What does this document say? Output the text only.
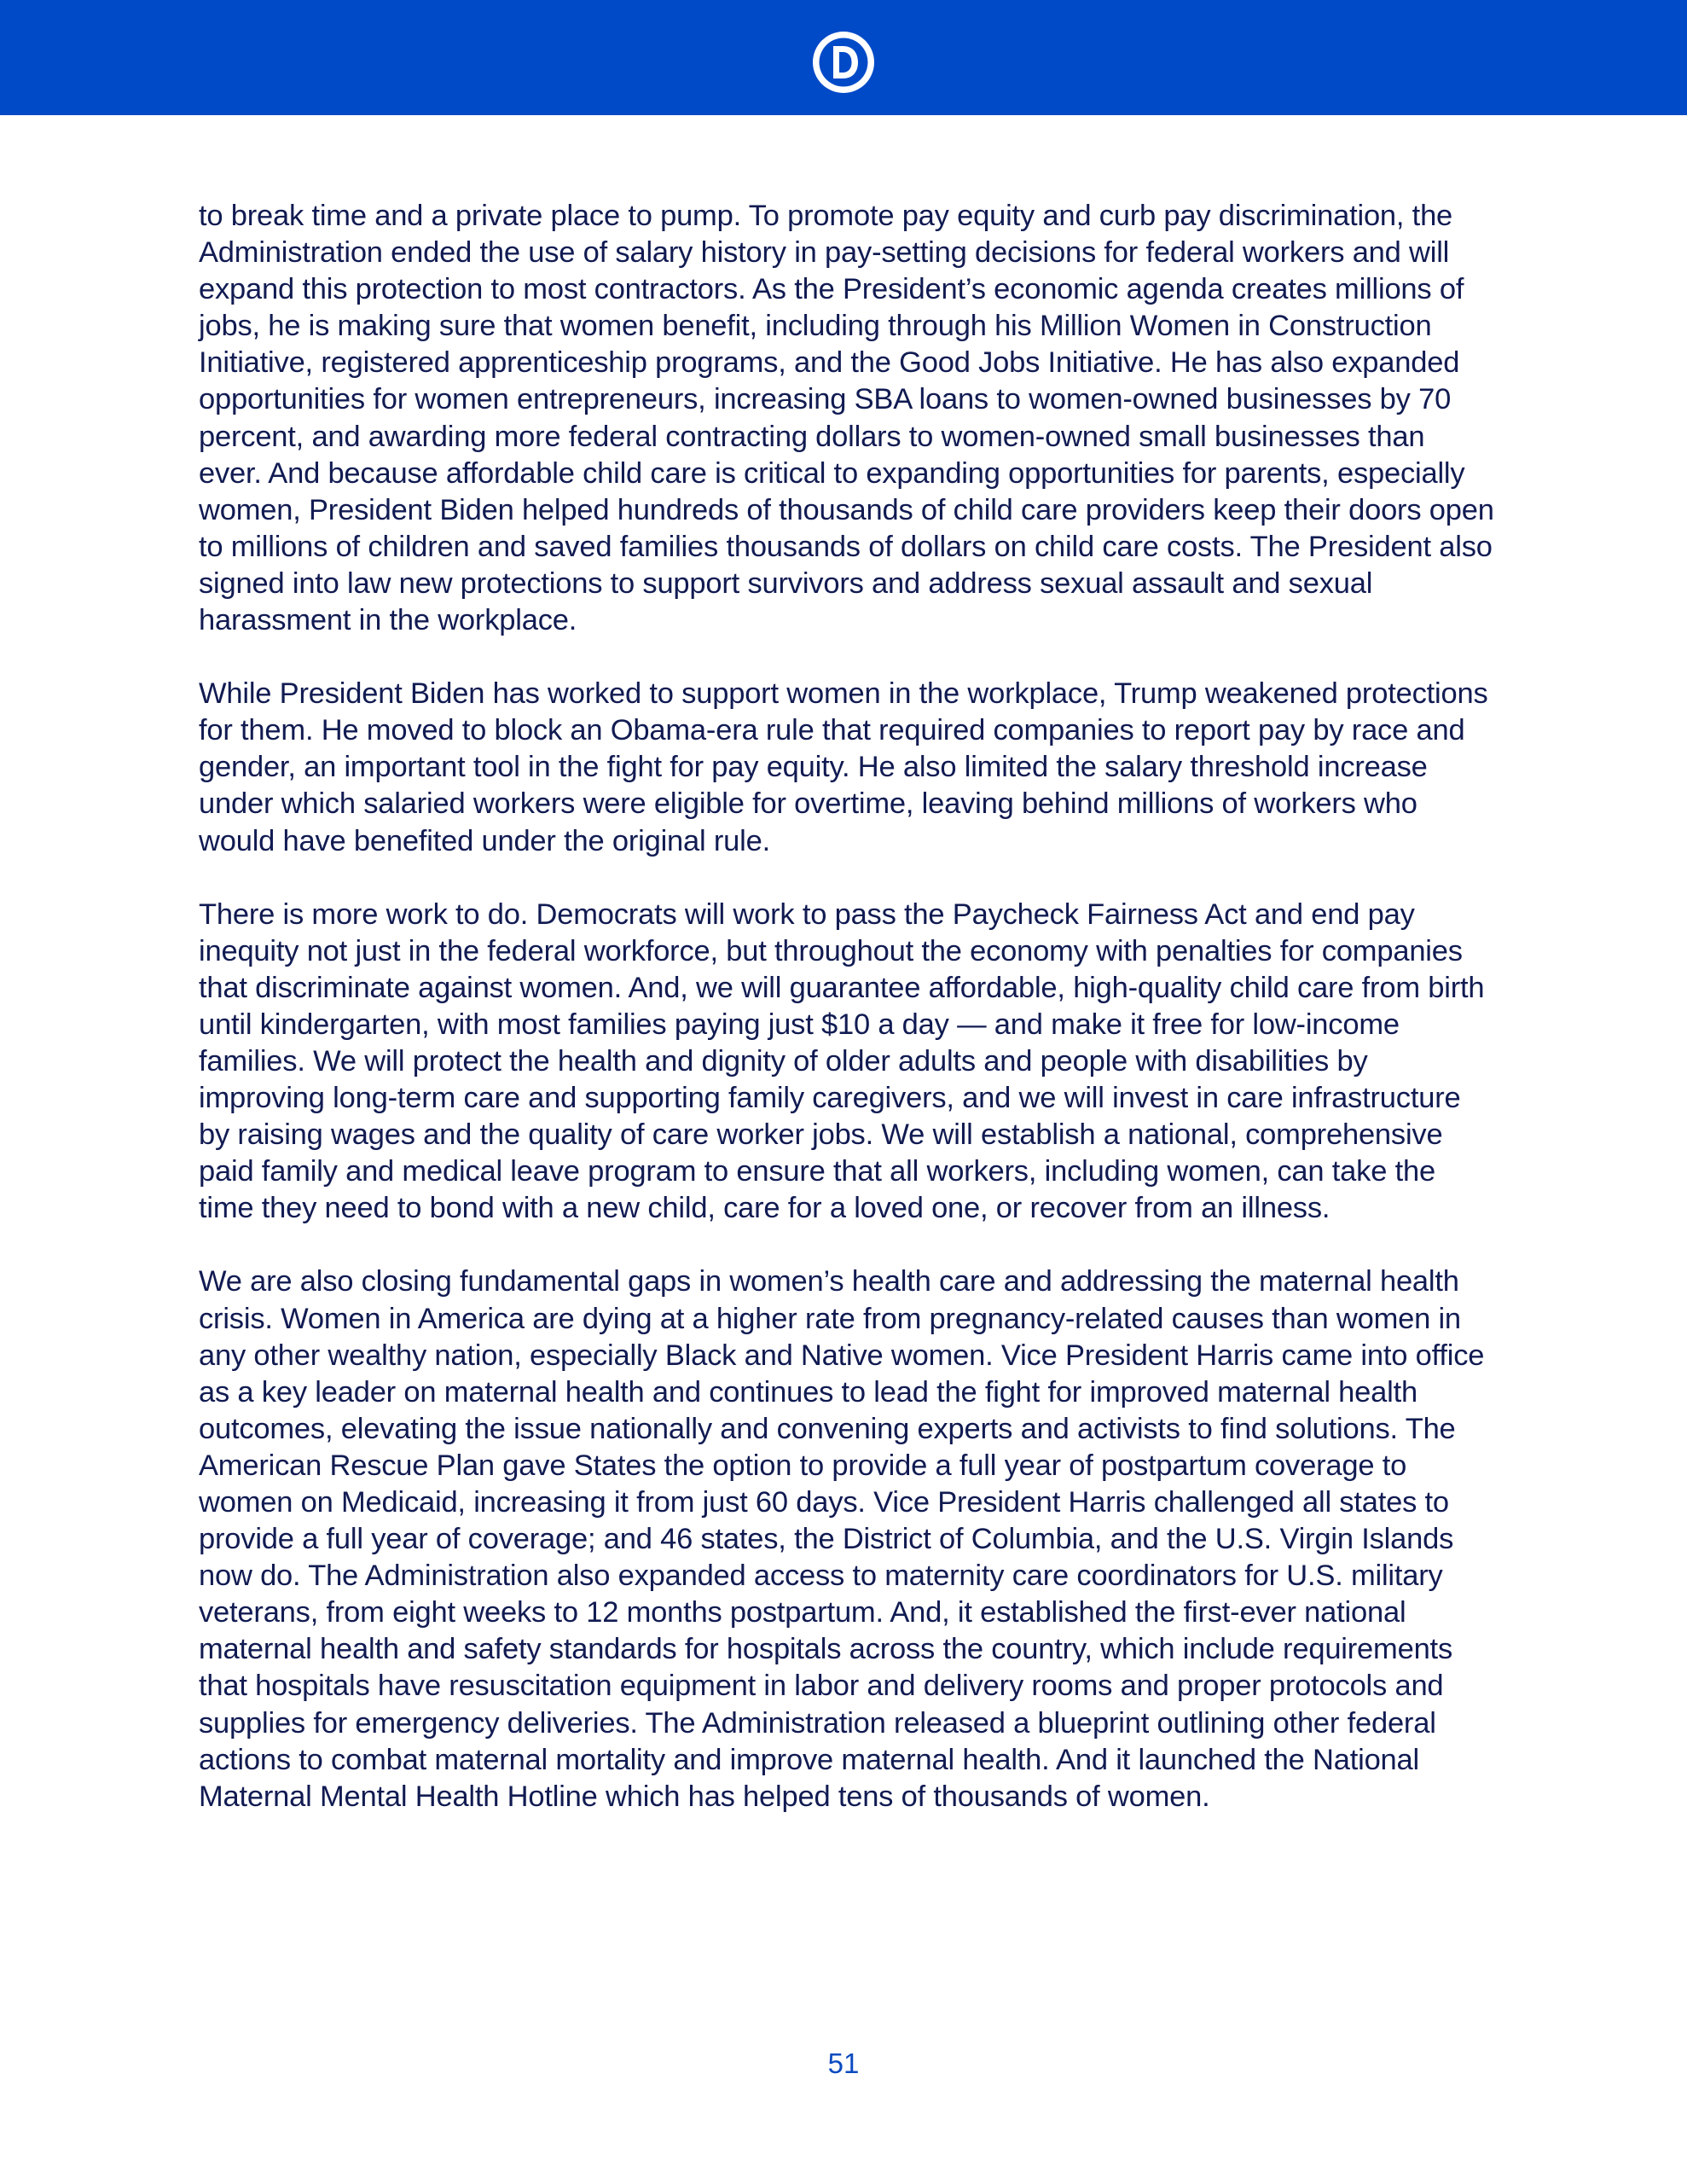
to break time and a private place to pump. To promote pay equity and curb pay discrimination, the Administration ended the use of salary history in pay-setting decisions for federal workers and will expand this protection to most contractors. As the President’s economic agenda creates millions of jobs, he is making sure that women benefit, including through his Million Women in Construction Initiative, registered apprenticeship programs, and the Good Jobs Initiative. He has also expanded opportunities for women entrepreneurs, increasing SBA loans to women-owned businesses by 70 percent, and awarding more federal contracting dollars to women-owned small businesses than ever. And because affordable child care is critical to expanding opportunities for parents, especially women, President Biden helped hundreds of thousands of child care providers keep their doors open to millions of children and saved families thousands of dollars on child care costs. The President also signed into law new protections to support survivors and address sexual assault and sexual harassment in the workplace.

While President Biden has worked to support women in the workplace, Trump weakened protections for them. He moved to block an Obama-era rule that required companies to report pay by race and gender, an important tool in the fight for pay equity. He also limited the salary threshold increase under which salaried workers were eligible for overtime, leaving behind millions of workers who would have benefited under the original rule.

There is more work to do. Democrats will work to pass the Paycheck Fairness Act and end pay inequity not just in the federal workforce, but throughout the economy with penalties for companies that discriminate against women. And, we will guarantee affordable, high-quality child care from birth until kindergarten, with most families paying just $10 a day — and make it free for low-income families. We will protect the health and dignity of older adults and people with disabilities by improving long-term care and supporting family caregivers, and we will invest in care infrastructure by raising wages and the quality of care worker jobs. We will establish a national, comprehensive paid family and medical leave program to ensure that all workers, including women, can take the time they need to bond with a new child, care for a loved one, or recover from an illness.

We are also closing fundamental gaps in women’s health care and addressing the maternal health crisis. Women in America are dying at a higher rate from pregnancy-related causes than women in any other wealthy nation, especially Black and Native women. Vice President Harris came into office as a key leader on maternal health and continues to lead the fight for improved maternal health outcomes, elevating the issue nationally and convening experts and activists to find solutions. The American Rescue Plan gave States the option to provide a full year of postpartum coverage to women on Medicaid, increasing it from just 60 days. Vice President Harris challenged all states to provide a full year of coverage; and 46 states, the District of Columbia, and the U.S. Virgin Islands now do. The Administration also expanded access to maternity care coordinators for U.S. military veterans, from eight weeks to 12 months postpartum. And, it established the first-ever national maternal health and safety standards for hospitals across the country, which include requirements that hospitals have resuscitation equipment in labor and delivery rooms and proper protocols and supplies for emergency deliveries. The Administration released a blueprint outlining other federal actions to combat maternal mortality and improve maternal health. And it launched the National Maternal Mental Health Hotline which has helped tens of thousands of women.

51
